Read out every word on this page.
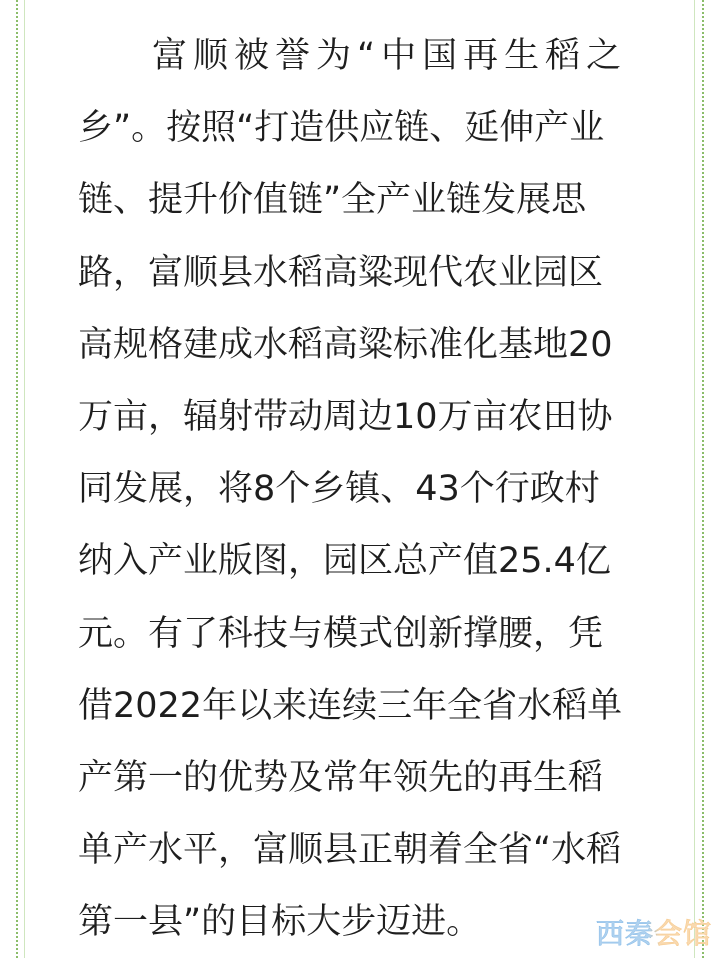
富顺被誉为“中国再生稻之
乡”。按照“打造供应链、延伸产业
链、提升价值链”全产业链发展思
路，富顺县水稻高粱现代农业园区
高规格建成水稻高粱标准化基地20
万亩，辐射带动周边10万亩农田协
同发展，将8个乡镇、43个行政村
纳入产业版图，园区总产值25.4亿
元。有了科技与模式创新撑腰，凭
借2022年以来连续三年全省水稻单
产第一的优势及常年领先的再生稻
单产水平，富顺县正朝着全省“水稻
第一县”的目标大步迈进。	西秦会馆
